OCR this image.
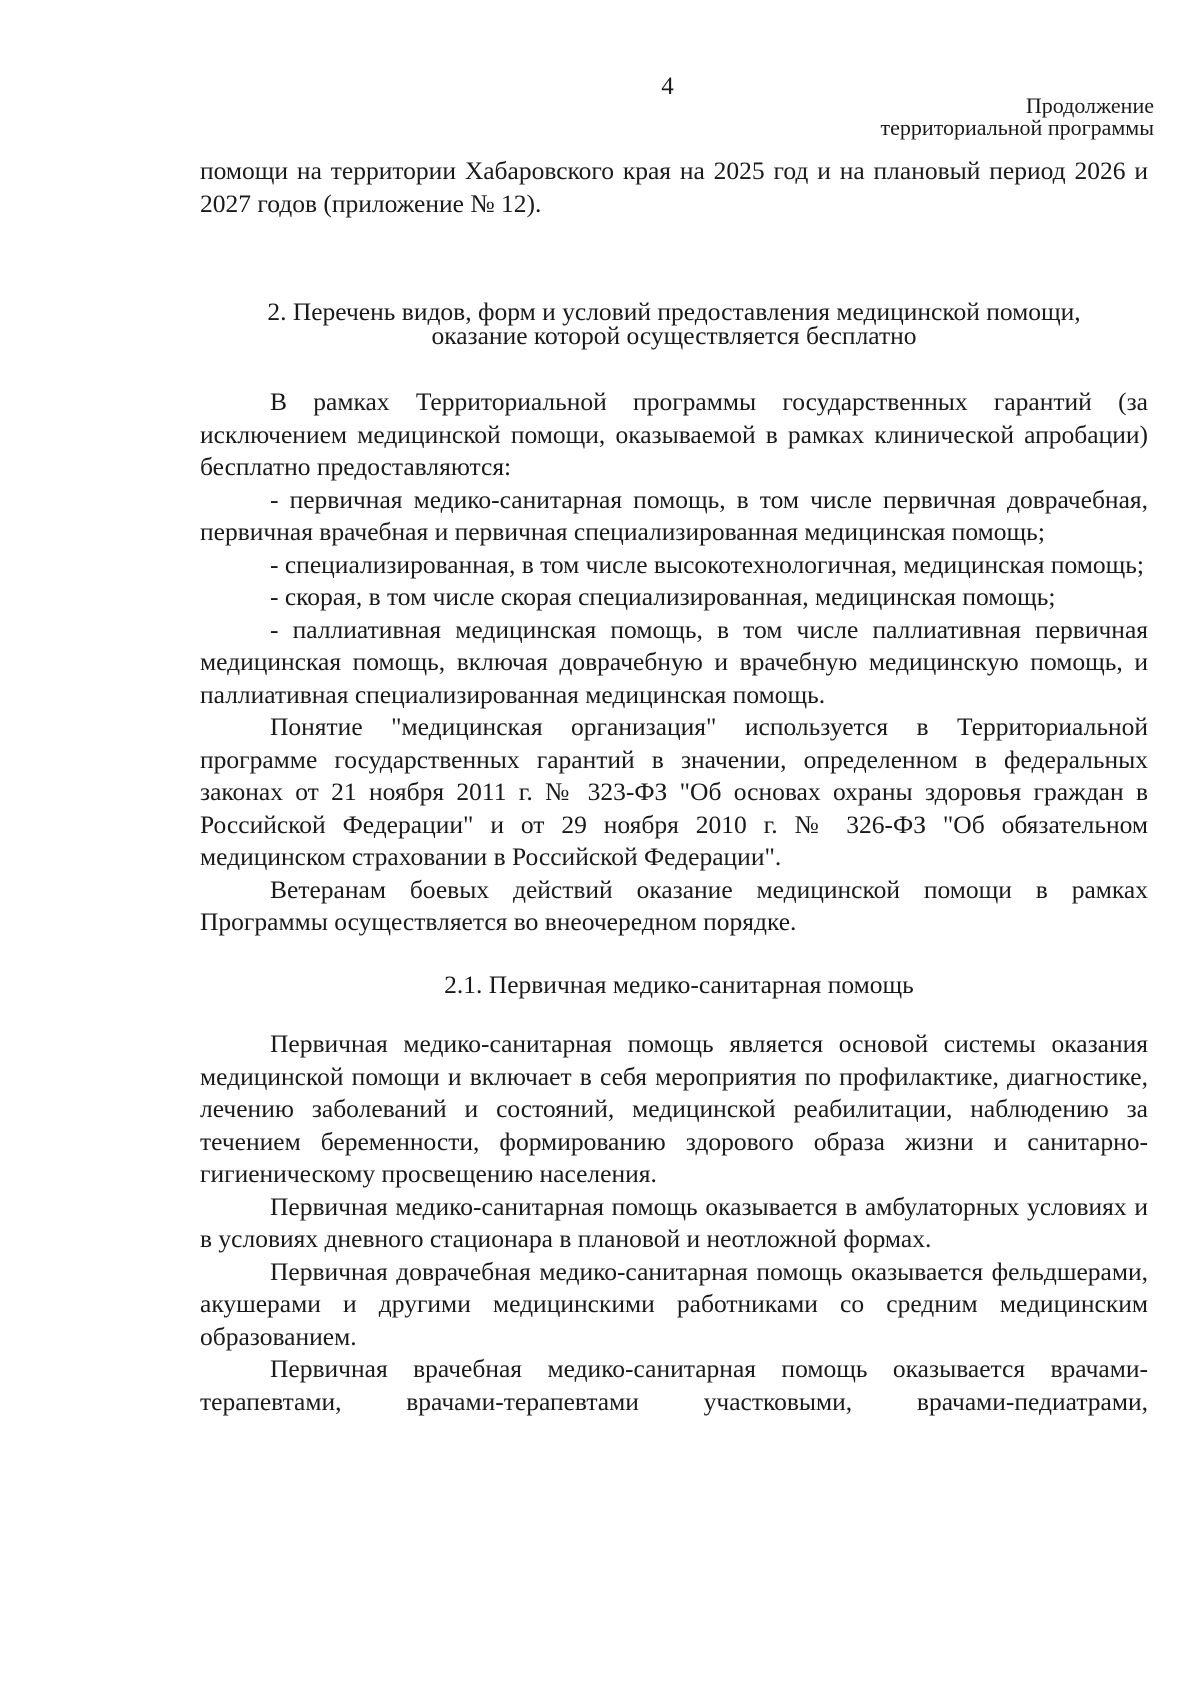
4
Продолжение
территориальной программы

помощи на территории Хабаровского края на 2025 год и на плановый период 2026 и 2027 годов (приложение № 12).

2. Перечень видов, форм и условий предоставления медицинской помощи,
оказание которой осуществляется бесплатно

В рамках Территориальной программы государственных гарантий (за исключением медицинской помощи, оказываемой в рамках клинической апробации) бесплатно предоставляются:

- первичная медико-санитарная помощь, в том числе первичная доврачебная, первичная врачебная и первичная специализированная медицинская помощь;

- специализированная, в том числе высокотехнологичная, медицинская помощь;

- скорая, в том числе скорая специализированная, медицинская помощь;

- паллиативная медицинская помощь, в том числе паллиативная первичная медицинская помощь, включая доврачебную и врачебную медицинскую помощь, и паллиативная специализированная медицинская помощь.

Понятие "медицинская организация" используется в Территориальной программе государственных гарантий в значении, определенном в федеральных законах от 21 ноября 2011 г. № 323-ФЗ "Об основах охраны здоровья граждан в Российской Федерации" и от 29 ноября 2010 г. № 326-ФЗ "Об обязательном медицинском страховании в Российской Федерации".

Ветеранам боевых действий оказание медицинской помощи в рамках Программы осуществляется во внеочередном порядке.

2.1. Первичная медико-санитарная помощь

Первичная медико-санитарная помощь является основой системы оказания медицинской помощи и включает в себя мероприятия по профилактике, диагностике, лечению заболеваний и состояний, медицинской реабилитации, наблюдению за течением беременности, формированию здорового образа жизни и санитарно-гигиеническому просвещению населения.

Первичная медико-санитарная помощь оказывается в амбулаторных условиях и в условиях дневного стационара в плановой и неотложной формах.

Первичная доврачебная медико-санитарная помощь оказывается фельдшерами, акушерами и другими медицинскими работниками со средним медицинским образованием.

Первичная врачебная медико-санитарная помощь оказывается врачами-терапевтами, врачами-терапевтами участковыми, врачами-педиатрами,
